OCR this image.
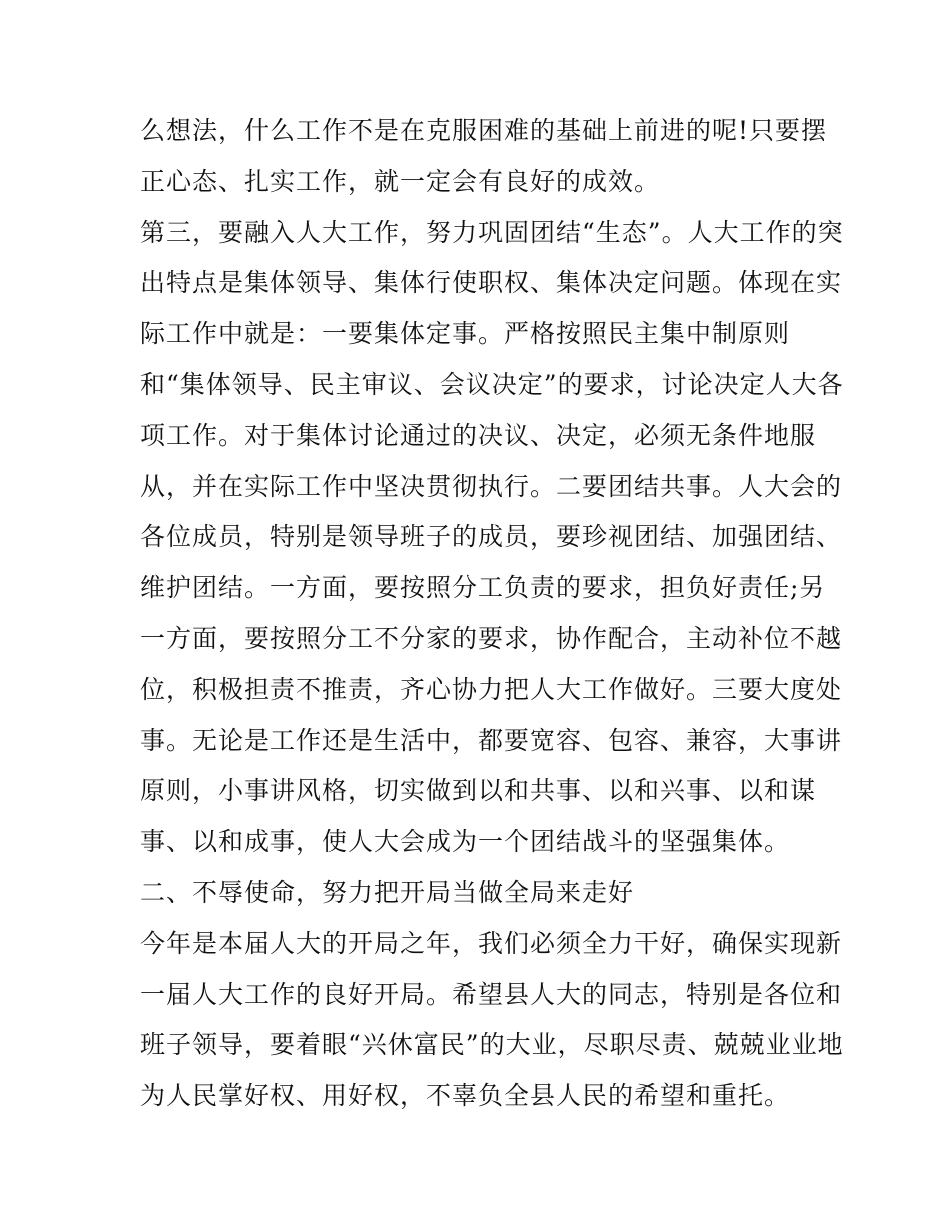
么想法，什么工作不是在克服困难的基础上前进的呢!只要摆
正心态、扎实工作，就一定会有良好的成效。
第三，要融入人大工作，努力巩固团结“生态”。人大工作的突
出特点是集体领导、集体行使职权、集体决定问题。体现在实
际工作中就是：一要集体定事。严格按照民主集中制原则
和“集体领导、民主审议、会议决定”的要求，讨论决定人大各
项工作。对于集体讨论通过的决议、决定，必须无条件地服
从，并在实际工作中坚决贯彻执行。二要团结共事。人大会的
各位成员，特别是领导班子的成员，要珍视团结、加强团结、
维护团结。一方面，要按照分工负责的要求，担负好责任;另
一方面，要按照分工不分家的要求，协作配合，主动补位不越
位，积极担责不推责，齐心协力把人大工作做好。三要大度处
事。无论是工作还是生活中，都要宽容、包容、兼容，大事讲
原则，小事讲风格，切实做到以和共事、以和兴事、以和谋
事、以和成事，使人大会成为一个团结战斗的坚强集体。
二、不辱使命，努力把开局当做全局来走好
今年是本届人大的开局之年，我们必须全力干好，确保实现新
一届人大工作的良好开局。希望县人大的同志，特别是各位和
班子领导，要着眼“兴休富民”的大业，尽职尽责、兢兢业业地
为人民掌好权、用好权，不辜负全县人民的希望和重托。
